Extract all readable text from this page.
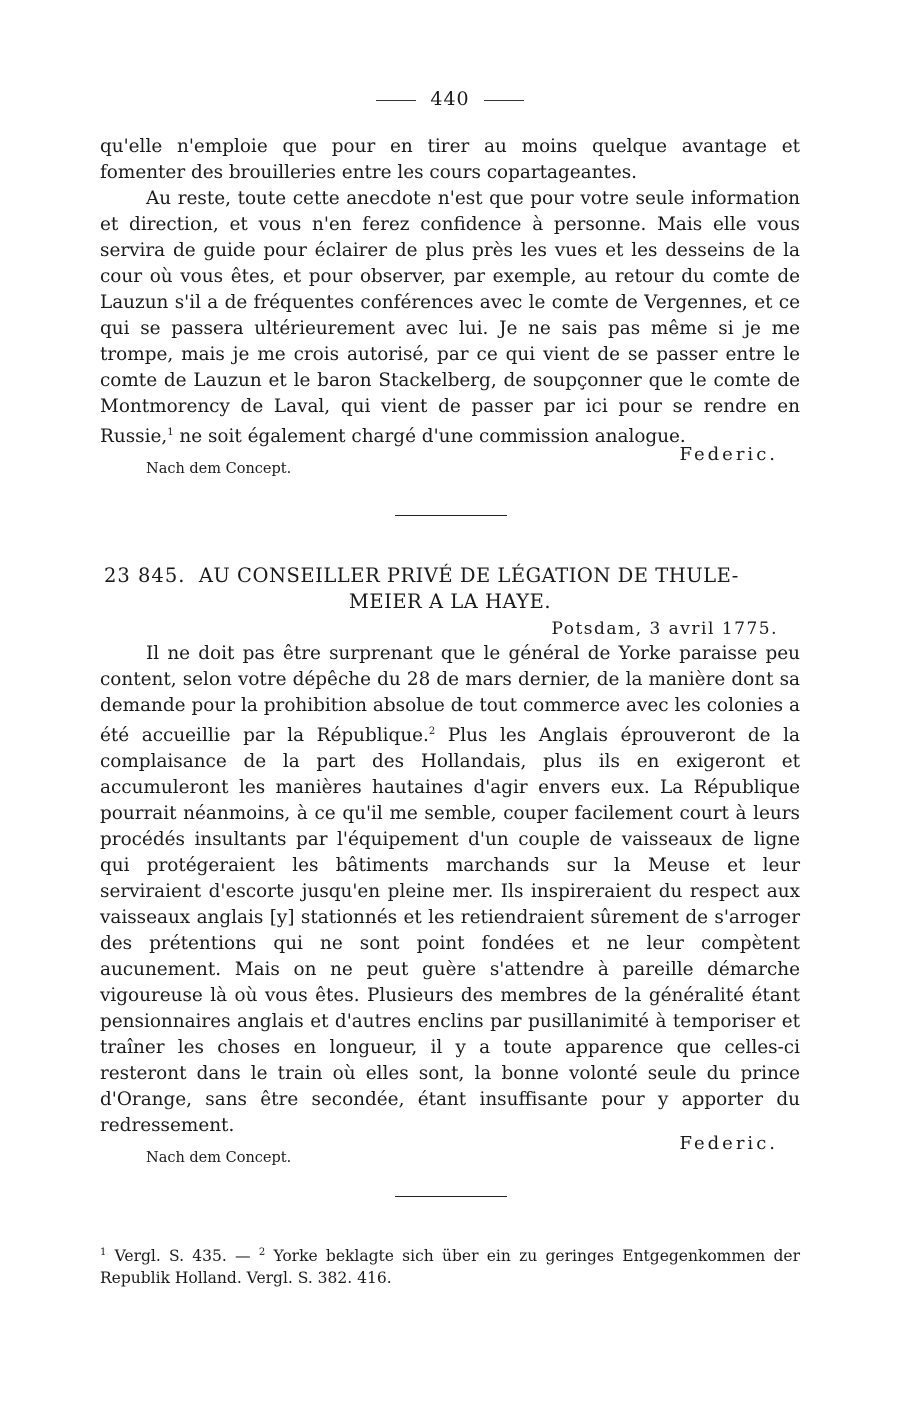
440

qu'elle n'emploie que pour en tirer au moins quelque avantage et fomenter des brouilleries entre les cours copartageantes.

Au reste, toute cette anecdote n'est que pour votre seule information et direction, et vous n'en ferez confidence à personne. Mais elle vous servira de guide pour éclairer de plus près les vues et les desseins de la cour où vous êtes, et pour observer, par exemple, au retour du comte de Lauzun s'il a de fréquentes conférences avec le comte de Vergennes, et ce qui se passera ultérieurement avec lui. Je ne sais pas même si je me trompe, mais je me crois autorisé, par ce qui vient de se passer entre le comte de Lauzun et le baron Stackelberg, de soupçonner que le comte de Montmorency de Laval, qui vient de passer par ici pour se rendre en Russie,$^1$ ne soit également chargé d'une commission analogue.

Federic.
Nach dem Concept.
23 845. AU CONSEILLER PRIVÉ DE LÉGATION DE THULE-
MEIER A LA HAYE.
Potsdam, 3 avril 1775.

Il ne doit pas être surprenant que le général de Yorke paraisse peu content, selon votre dépêche du 28 de mars dernier, de la manière dont sa demande pour la prohibition absolue de tout commerce avec les colonies a été accueillie par la République.$^2$ Plus les Anglais éprouveront de la complaisance de la part des Hollandais, plus ils en exigeront et accumuleront les manières hautaines d'agir envers eux. La République pourrait néanmoins, à ce qu'il me semble, couper facilement court à leurs procédés insultants par l'équipement d'un couple de vaisseaux de ligne qui protégeraient les bâtiments marchands sur la Meuse et leur serviraient d'escorte jusqu'en pleine mer. Ils inspireraient du respect aux vaisseaux anglais [y] stationnés et les retiendraient sûrement de s'arroger des prétentions qui ne sont point fondées et ne leur compètent aucunement. Mais on ne peut guère s'attendre à pareille démarche vigoureuse là où vous êtes. Plusieurs des membres de la généralité étant pensionnaires anglais et d'autres enclins par pusillanimité à temporiser et traîner les choses en longueur, il y a toute apparence que celles-ci resteront dans le train où elles sont, la bonne volonté seule du prince d'Orange, sans être secondée, étant insuffisante pour y apporter du redressement.

Federic.
Nach dem Concept.

$^1$ Vergl. S. 435. — $^2$ Yorke beklagte sich über ein zu geringes Entgegenkommen der Republik Holland. Vergl. S. 382. 416.
